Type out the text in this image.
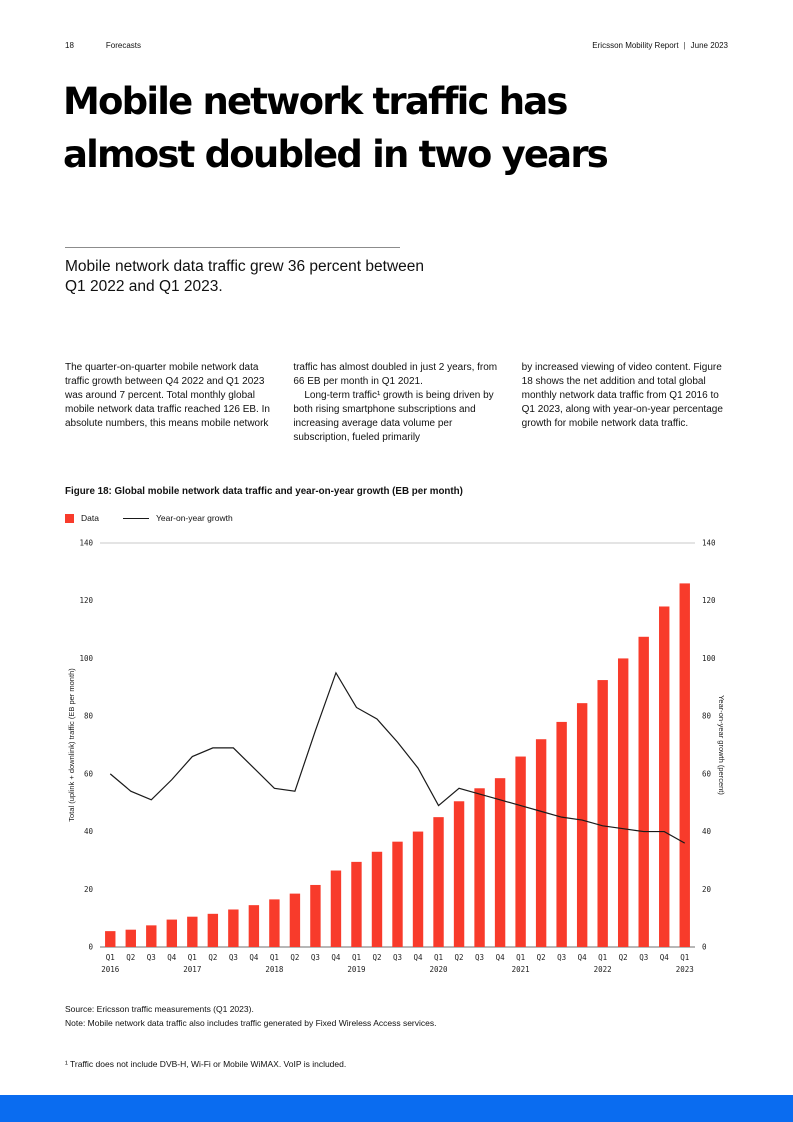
18	Forecasts	Ericsson Mobility Report | June 2023
Mobile network traffic has
almost doubled in two years

Mobile network data traffic grew 36 percent between Q1 2022 and Q1 2023.

The quarter-on-quarter mobile network data traffic growth between Q4 2022 and Q1 2023 was around 7 percent. Total monthly global mobile network data traffic reached 126 EB. In absolute numbers, this means mobile network

traffic has almost doubled in just 2 years, from 66 EB per month in Q1 2021.

Long-term traffic¹ growth is being driven by both rising smartphone subscriptions and increasing average data volume per subscription, fueled primarily

by increased viewing of video content. Figure 18 shows the net addition and total global monthly network data traffic from Q1 2016 to Q1 2023, along with year-on-year percentage growth for mobile network data traffic.

Figure 18: Global mobile network data traffic and year-on-year growth (EB per month)
Data	Year-on-year growth
0	0
20	20
40	40
60	60
80	80
100	100
120	120
140	140
Q1
2016
Q2 Q3 Q4 Q1
2017
Q2 Q3 Q4 Q1
2018
Q2 Q3 Q4 Q1
2019
Q2 Q3 Q4 Q1
2020
Q2 Q3 Q4 Q1
2021
Q2 Q3 Q4 Q1
2022
Q2 Q3 Q4 Q1
2023
Total (uplink + downlink) traffic (EB per month)	Year-on-year growth (percent)

Source: Ericsson traffic measurements (Q1 2023).

Note: Mobile network data traffic also includes traffic generated by Fixed Wireless Access services.

¹ Traffic does not include DVB-H, Wi-Fi or Mobile WiMAX. VoIP is included.
